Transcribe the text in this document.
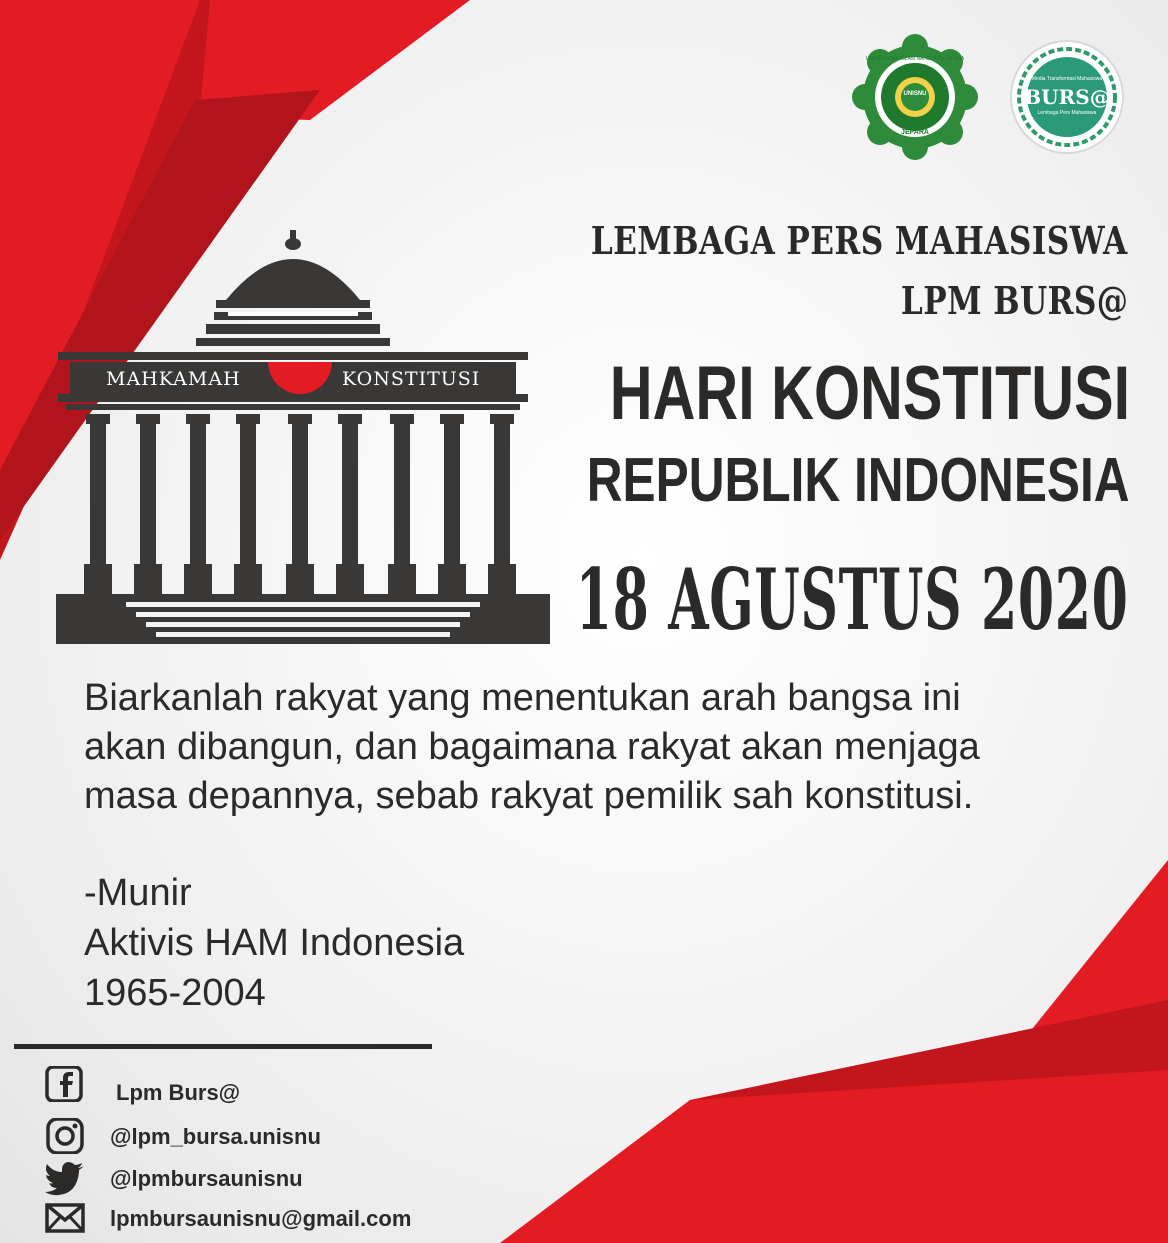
UNISNU
JEPARA
UNIVERSITAS ISLAM NAHDLATUL ULAMA
Media Transformasi Mahasiswa
BURS@
Lembaga Pers Mahasiswa
MAHKAMAH	KONSTITUSI
LEMBAGA PERS MAHASISWA
LPM BURS@
HARI KONSTITUSI
REPUBLIK INDONESIA
18 AGUSTUS 2020
Biarkanlah rakyat yang menentukan arah bangsa ini
akan dibangun, dan bagaimana rakyat akan menjaga
masa depannya, sebab rakyat pemilik sah konstitusi.
-Munir
Aktivis HAM Indonesia
1965-2004
Lpm Burs@
@lpm_bursa.unisnu
@lpmbursaunisnu
lpmbursaunisnu@gmail.com
